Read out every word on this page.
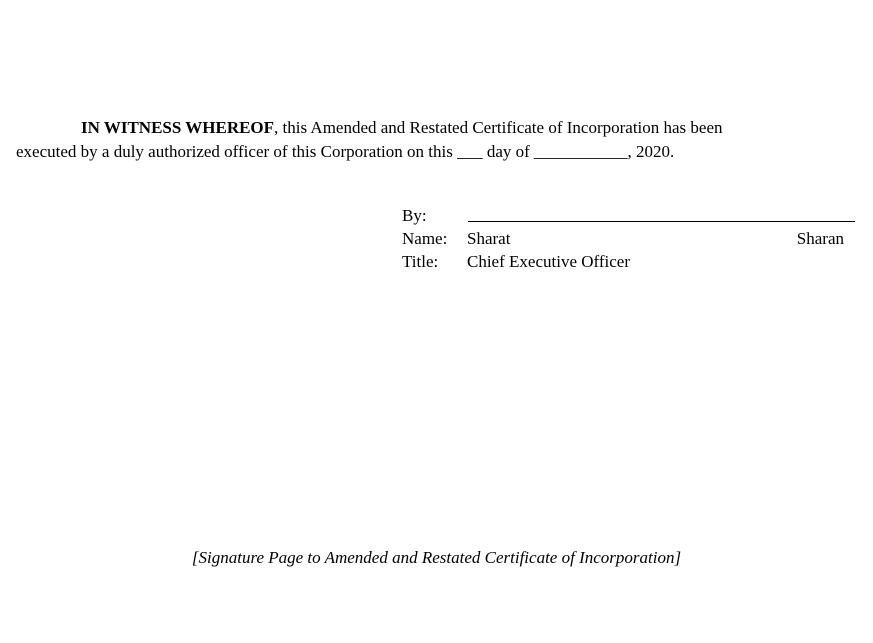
IN WITNESS WHEREOF, this Amended and Restated Certificate of Incorporation has been
executed by a duly authorized officer of this Corporation on this ___ day of ___________, 2020.
By:
Name: Sharat	Sharan
Title: Chief Executive Officer
[Signature Page to Amended and Restated Certificate of Incorporation]
